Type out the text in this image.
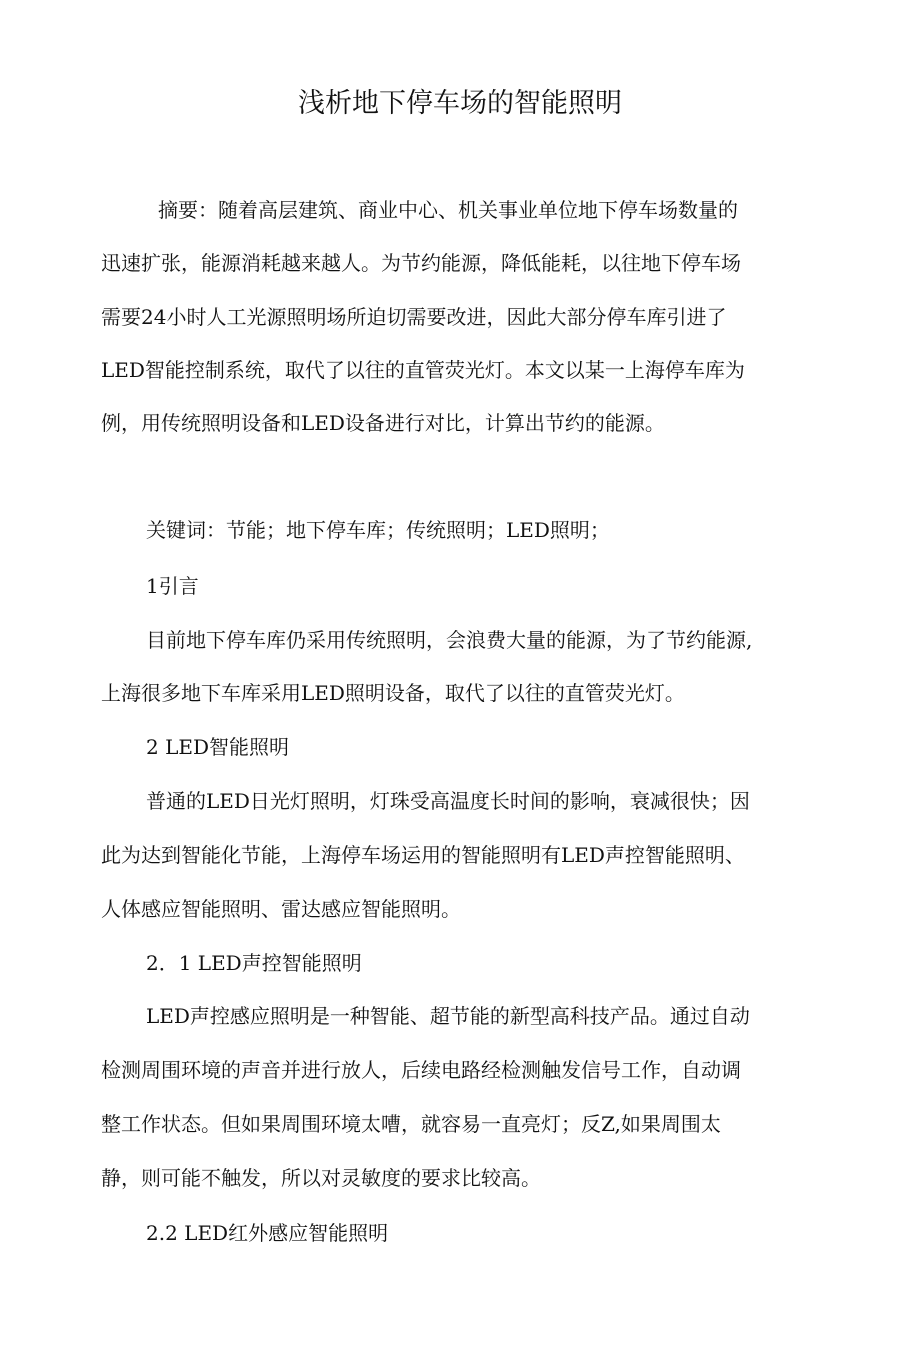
浅析地下停车场的智能照明

摘要：随着高层建筑、商业中心、机关事业单位地下停车场数量的

迅速扩张，能源消耗越来越人。为节约能源，降低能耗，以往地下停车场

需要24小时人工光源照明场所迫切需要改进，因此大部分停车库引进了

LED智能控制系统，取代了以往的直管荧光灯。本文以某一上海停车库为

例，用传统照明设备和LED设备进行对比，计算出节约的能源。

关键词：节能；地下停车库；传统照明；LED照明；

1引言

目前地下停车库仍采用传统照明，会浪费大量的能源，为了节约能源,

上海很多地下车库采用LED照明设备，取代了以往的直管荧光灯。

2 LED智能照明

普通的LED日光灯照明，灯珠受高温度长时间的影响，衰减很快；因

此为达到智能化节能，上海停车场运用的智能照明有LED声控智能照明、

人体感应智能照明、雷达感应智能照明。

2．1 LED声控智能照明

LED声控感应照明是一种智能、超节能的新型高科技产品。通过自动

检测周围环境的声音并进行放人，后续电路经检测触发信号工作，自动调

整工作状态。但如果周围环境太嘈，就容易一直亮灯；反Z,如果周围太

静，则可能不触发，所以对灵敏度的要求比较高。

2.2 LED红外感应智能照明
